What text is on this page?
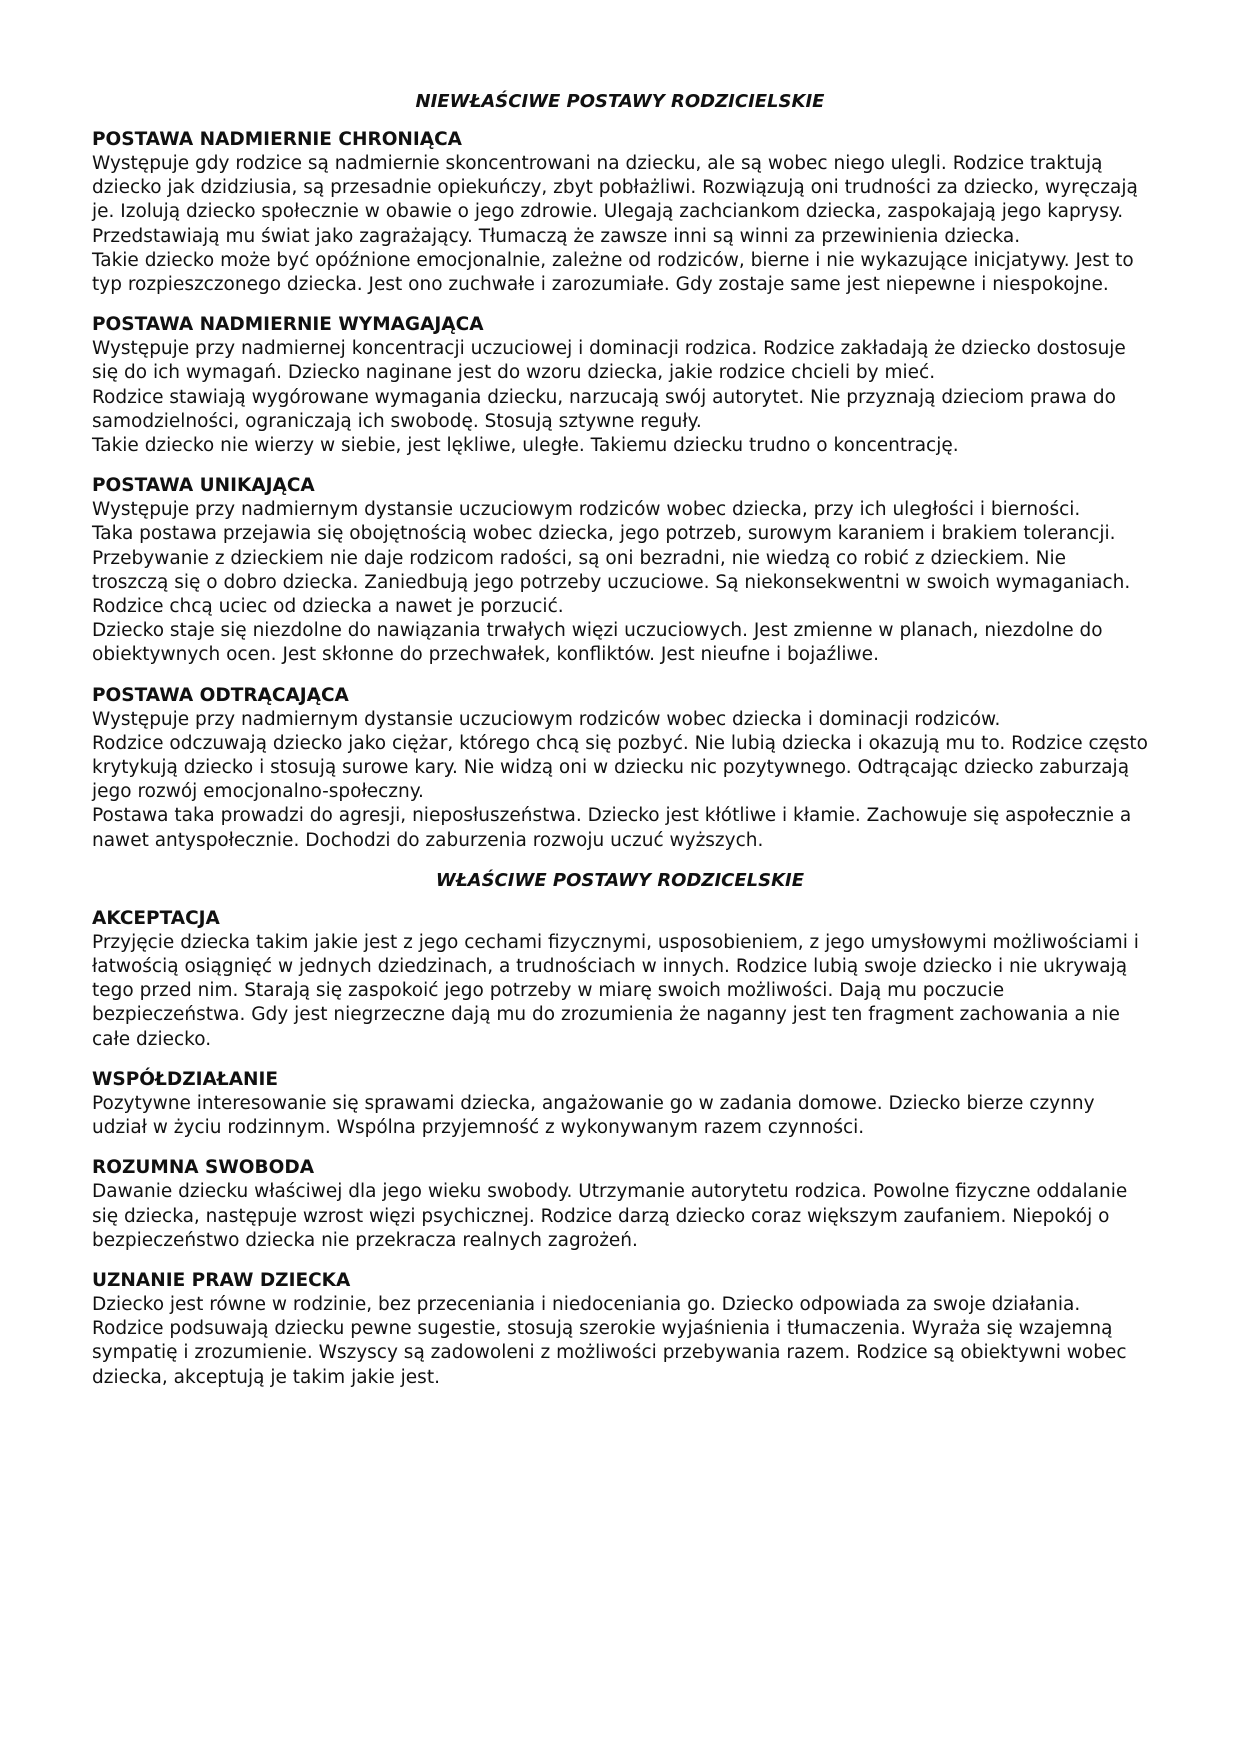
NIEWŁAŚCIWE POSTAWY RODZICIELSKIE
POSTAWA NADMIERNIE CHRONIĄCA

Występuje gdy rodzice są nadmiernie skoncentrowani na dziecku, ale są wobec niego ulegli. Rodzice traktują dziecko jak dzidziusia, są przesadnie opiekuńczy, zbyt pobłażliwi. Rozwiązują oni trudności za dziecko, wyręczają je. Izolują dziecko społecznie w obawie o jego zdrowie. Ulegają zachciankom dziecka, zaspokajają jego kaprysy. Przedstawiają mu świat jako zagrażający. Tłumaczą że zawsze inni są winni za przewinienia dziecka.

Takie dziecko może być opóźnione emocjonalnie, zależne od rodziców, bierne i nie wykazujące inicjatywy. Jest to typ rozpieszczonego dziecka. Jest ono zuchwałe i zarozumiałe. Gdy zostaje same jest niepewne i niespokojne.

POSTAWA NADMIERNIE WYMAGAJĄCA

Występuje przy nadmiernej koncentracji uczuciowej i dominacji rodzica. Rodzice zakładają że dziecko dostosuje się do ich wymagań. Dziecko naginane jest do wzoru dziecka, jakie rodzice chcieli by mieć.

Rodzice stawiają wygórowane wymagania dziecku, narzucają swój autorytet. Nie przyznają dzieciom prawa do samodzielności, ograniczają ich swobodę. Stosują sztywne reguły.

Takie dziecko nie wierzy w siebie, jest lękliwe, uległe. Takiemu dziecku trudno o koncentrację.

POSTAWA UNIKAJĄCA

Występuje przy nadmiernym dystansie uczuciowym rodziców wobec dziecka, przy ich uległości i bierności.

Taka postawa przejawia się obojętnością wobec dziecka, jego potrzeb, surowym karaniem i brakiem tolerancji. Przebywanie z dzieckiem nie daje rodzicom radości, są oni bezradni, nie wiedzą co robić z dzieckiem. Nie troszczą się o dobro dziecka. Zaniedbują jego potrzeby uczuciowe. Są niekonsekwentni w swoich wymaganiach. Rodzice chcą uciec od dziecka a nawet je porzucić.

Dziecko staje się niezdolne do nawiązania trwałych więzi uczuciowych. Jest zmienne w planach, niezdolne do obiektywnych ocen. Jest skłonne do przechwałek, konfliktów. Jest nieufne i bojaźliwe.

POSTAWA ODTRĄCAJĄCA

Występuje przy nadmiernym dystansie uczuciowym rodziców wobec dziecka i dominacji rodziców.

Rodzice odczuwają dziecko jako ciężar, którego chcą się pozbyć. Nie lubią dziecka i okazują mu to. Rodzice często krytykują dziecko i stosują surowe kary. Nie widzą oni w dziecku nic pozytywnego. Odtrącając dziecko zaburzają jego rozwój emocjonalno-społeczny.

Postawa taka prowadzi do agresji, nieposłuszeństwa. Dziecko jest kłótliwe i kłamie. Zachowuje się aspołecznie a nawet antyspołecznie. Dochodzi do zaburzenia rozwoju uczuć wyższych.

WŁAŚCIWE POSTAWY RODZICELSKIE
AKCEPTACJA

Przyjęcie dziecka takim jakie jest z jego cechami fizycznymi, usposobieniem, z jego umysłowymi możliwościami i łatwością osiągnięć w jednych dziedzinach, a trudnościach w innych. Rodzice lubią swoje dziecko i nie ukrywają tego przed nim. Starają się zaspokoić jego potrzeby w miarę swoich możliwości. Dają mu poczucie bezpieczeństwa. Gdy jest niegrzeczne dają mu do zrozumienia że naganny jest ten fragment zachowania a nie całe dziecko.

WSPÓŁDZIAŁANIE

Pozytywne interesowanie się sprawami dziecka, angażowanie go w zadania domowe. Dziecko bierze czynny udział w życiu rodzinnym. Wspólna przyjemność z wykonywanym razem czynności.

ROZUMNA SWOBODA

Dawanie dziecku właściwej dla jego wieku swobody. Utrzymanie autorytetu rodzica. Powolne fizyczne oddalanie się dziecka, następuje wzrost więzi psychicznej. Rodzice darzą dziecko coraz większym zaufaniem. Niepokój o bezpieczeństwo dziecka nie przekracza realnych zagrożeń.

UZNANIE PRAW DZIECKA

Dziecko jest równe w rodzinie, bez przeceniania i niedoceniania go. Dziecko odpowiada za swoje działania. Rodzice podsuwają dziecku pewne sugestie, stosują szerokie wyjaśnienia i tłumaczenia. Wyraża się wzajemną sympatię i zrozumienie. Wszyscy są zadowoleni z możliwości przebywania razem. Rodzice są obiektywni wobec dziecka, akceptują je takim jakie jest.
